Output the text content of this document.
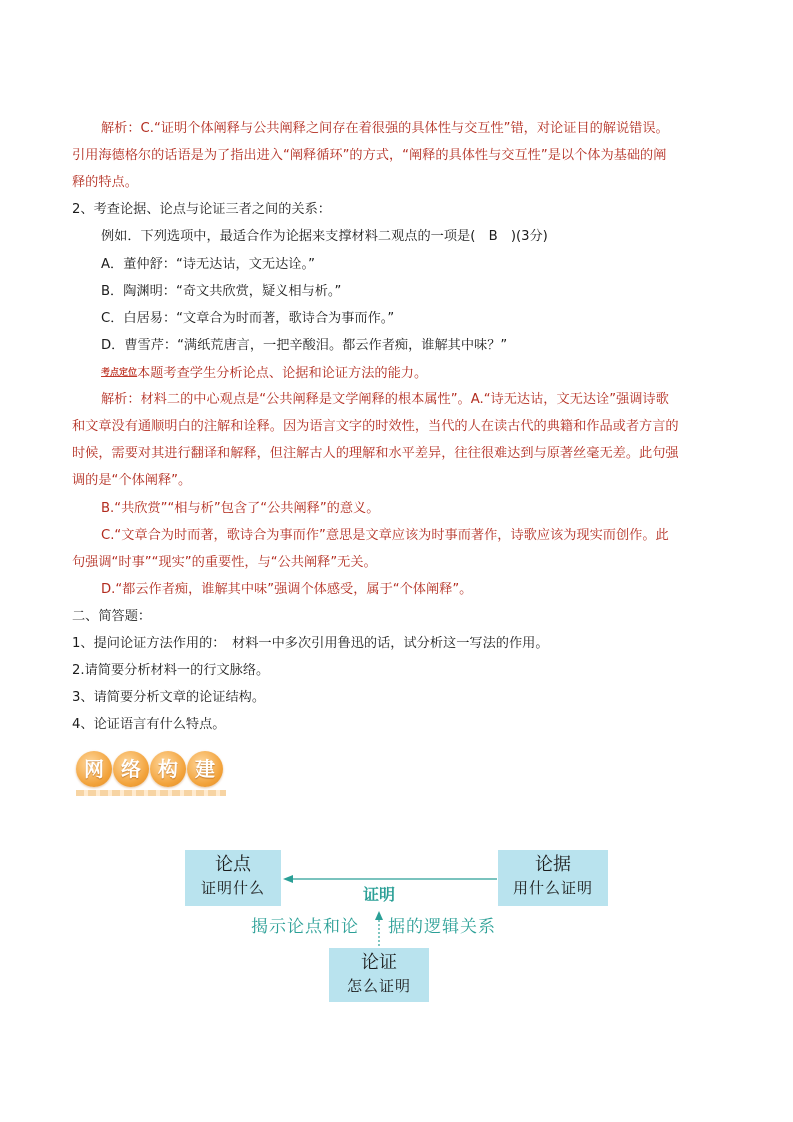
解析：C.“证明个体阐释与公共阐释之间存在着很强的具体性与交互性”错，对论证目的解说错误。
引用海德格尔的话语是为了指出进入“阐释循环”的方式，“阐释的具体性与交互性”是以个体为基础的阐
释的特点。
2、考查论据、论点与论证三者之间的关系：
例如．下列选项中，最适合作为论据来支撑材料二观点的一项是(　B　)(3分)
A．董仲舒：“诗无达诂，文无达诠。”
B．陶渊明：“奇文共欣赏，疑义相与析。”
C．白居易：“文章合为时而著，歌诗合为事而作。”
D．曹雪芹：“满纸荒唐言，一把辛酸泪。都云作者痴，谁解其中味？”
考点定位本题考查学生分析论点、论据和论证方法的能力。
解析：材料二的中心观点是“公共阐释是文学阐释的根本属性”。A.“诗无达诂，文无达诠”强调诗歌
和文章没有通顺明白的注解和诠释。因为语言文字的时效性，当代的人在读古代的典籍和作品或者方言的
时候，需要对其进行翻译和解释，但注解古人的理解和水平差异，往往很难达到与原著丝毫无差。此句强
调的是“个体阐释”。
B.“共欣赏”“相与析”包含了“公共阐释”的意义。
C.“文章合为时而著，歌诗合为事而作”意思是文章应该为时事而著作，诗歌应该为现实而创作。此
句强调“时事”“现实”的重要性，与“公共阐释”无关。
D.“都云作者痴，谁解其中味”强调个体感受，属于“个体阐释”。
二、简答题：
1、提问论证方法作用的：　材料一中多次引用鲁迅的话，试分析这一写法的作用。
2.请简要分析材料一的行文脉络。
3、请简要分析文章的论证结构。
4、论证语言有什么特点。
网 络 构 建
论点
证明什么
论据
用什么证明
论证
怎么证明
证明
揭示论点和论 据的逻辑关系
